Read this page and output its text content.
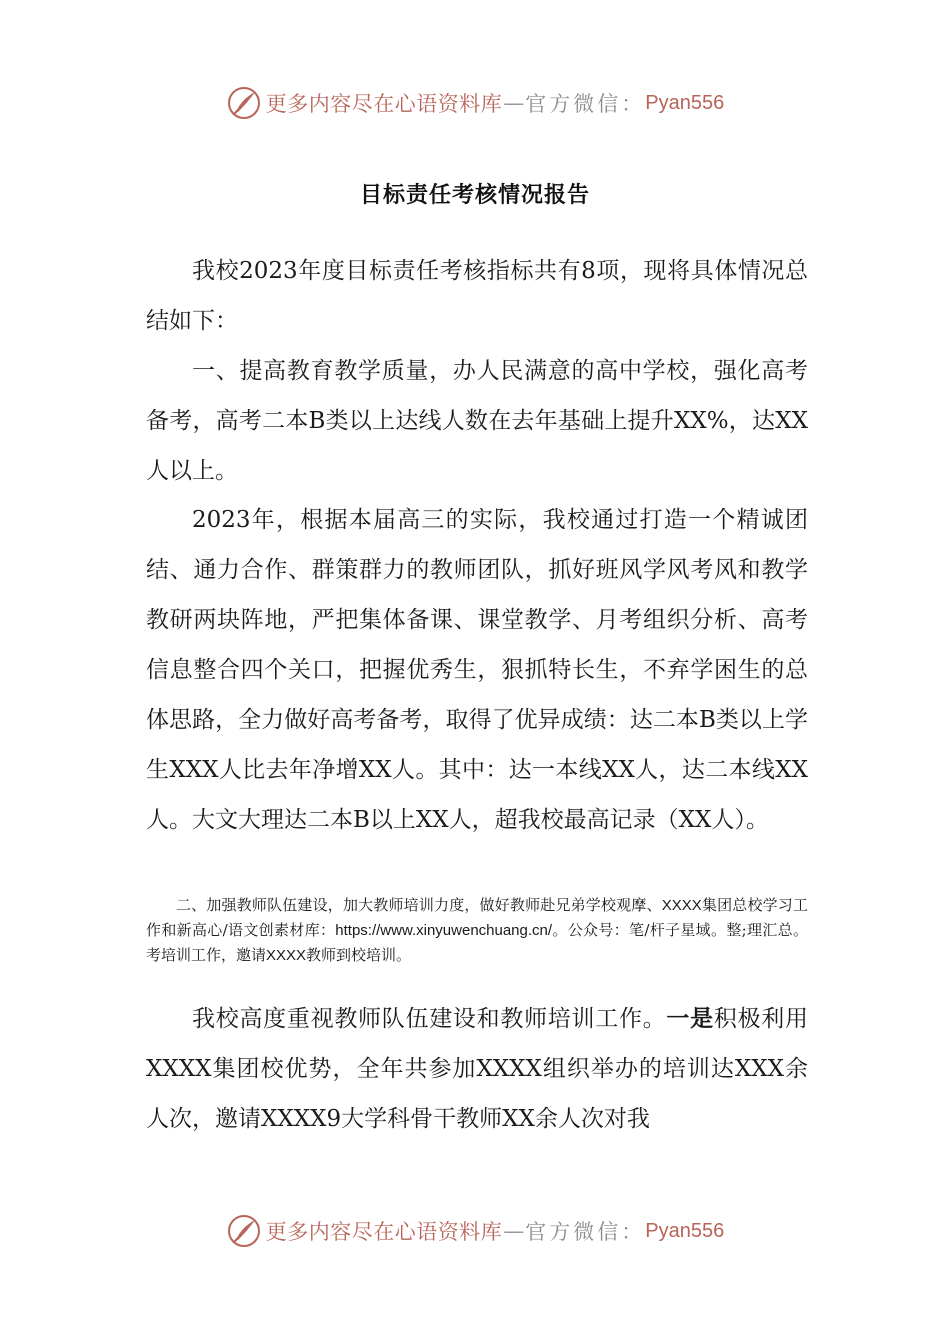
更多内容尽在心语资料库 — 官方微信： Pyan556
目标责任考核情况报告

我校2023年度目标责任考核指标共有8项，现将具体情况总结如下：

一、提高教育教学质量，办人民满意的高中学校，强化高考备考，高考二本B类以上达线人数在去年基础上提升XX%，达XX人以上。

2023年，根据本届高三的实际，我校通过打造一个精诚团结、通力合作、群策群力的教师团队，抓好班风学风考风和教学教研两块阵地，严把集体备课、课堂教学、月考组织分析、高考信息整合四个关口，把握优秀生，狠抓特长生，不弃学困生的总体思路，全力做好高考备考，取得了优异成绩：达二本B类以上学生XXX人比去年净增XX人。其中：达一本线XX人，达二本线XX人。大文大理达二本B以上XX人，超我校最高记录（XX人）。

二、加强教师队伍建设，加大教师培训力度，做好教师赴兄弟学校观摩、XXXX集团总校学习工作和新高心/语文创素材库：https://www.xinyuwenchuang.cn/。公众号：笔/杆子星域。整;理汇总。考培训工作，邀请XXXX教师到校培训。

我校高度重视教师队伍建设和教师培训工作。一是积极利用XXXX集团校优势，全年共参加XXXX组织举办的培训达XXX余人次，邀请XXXX9大学科骨干教师XX余人次对我

更多内容尽在心语资料库 — 官方微信： Pyan556
